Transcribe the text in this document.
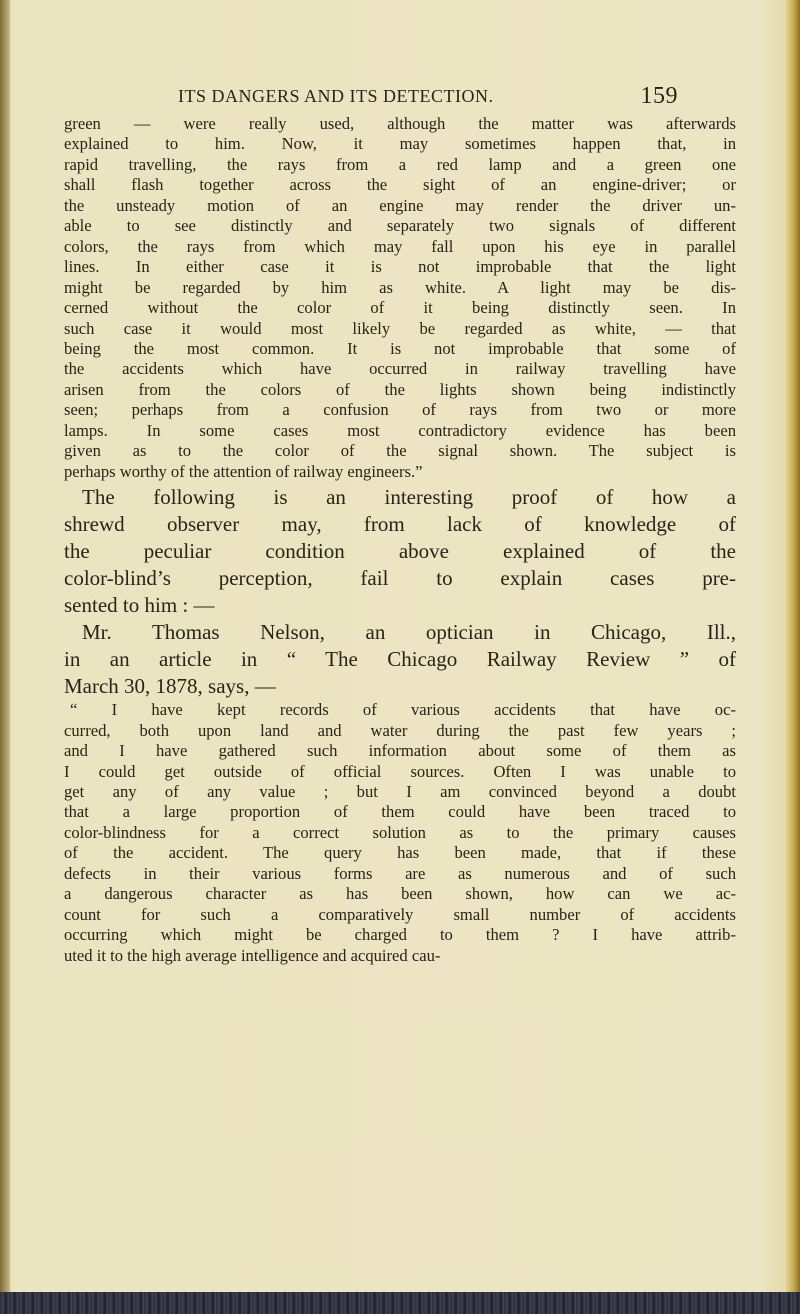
ITS DANGERS AND ITS DETECTION.	159
green — were really used, although the matter was afterwards
explained to him. Now, it may sometimes happen that, in
rapid travelling, the rays from a red lamp and a green one
shall flash together across the sight of an engine-driver; or
the unsteady motion of an engine may render the driver un-
able to see distinctly and separately two signals of different
colors, the rays from which may fall upon his eye in parallel
lines. In either case it is not improbable that the light
might be regarded by him as white. A light may be dis-
cerned without the color of it being distinctly seen. In
such case it would most likely be regarded as white, — that
being the most common. It is not improbable that some of
the accidents which have occurred in railway travelling have
arisen from the colors of the lights shown being indistinctly
seen; perhaps from a confusion of rays from two or more
lamps. In some cases most contradictory evidence has been
given as to the color of the signal shown. The subject is
perhaps worthy of the attention of railway engineers.”
The following is an interesting proof of how a
shrewd observer may, from lack of knowledge of
the peculiar condition above explained of the
color-blind’s perception, fail to explain cases pre-
sented to him : —
Mr. Thomas Nelson, an optician in Chicago, Ill.,
in an article in “ The Chicago Railway Review ” of
March 30, 1878, says, —
“ I have kept records of various accidents that have oc-
curred, both upon land and water during the past few years ;
and I have gathered such information about some of them as
I could get outside of official sources. Often I was unable to
get any of any value ; but I am convinced beyond a doubt
that a large proportion of them could have been traced to
color-blindness for a correct solution as to the primary causes
of the accident. The query has been made, that if these
defects in their various forms are as numerous and of such
a dangerous character as has been shown, how can we ac-
count for such a comparatively small number of accidents
occurring which might be charged to them ? I have attrib-
uted it to the high average intelligence and acquired cau-
